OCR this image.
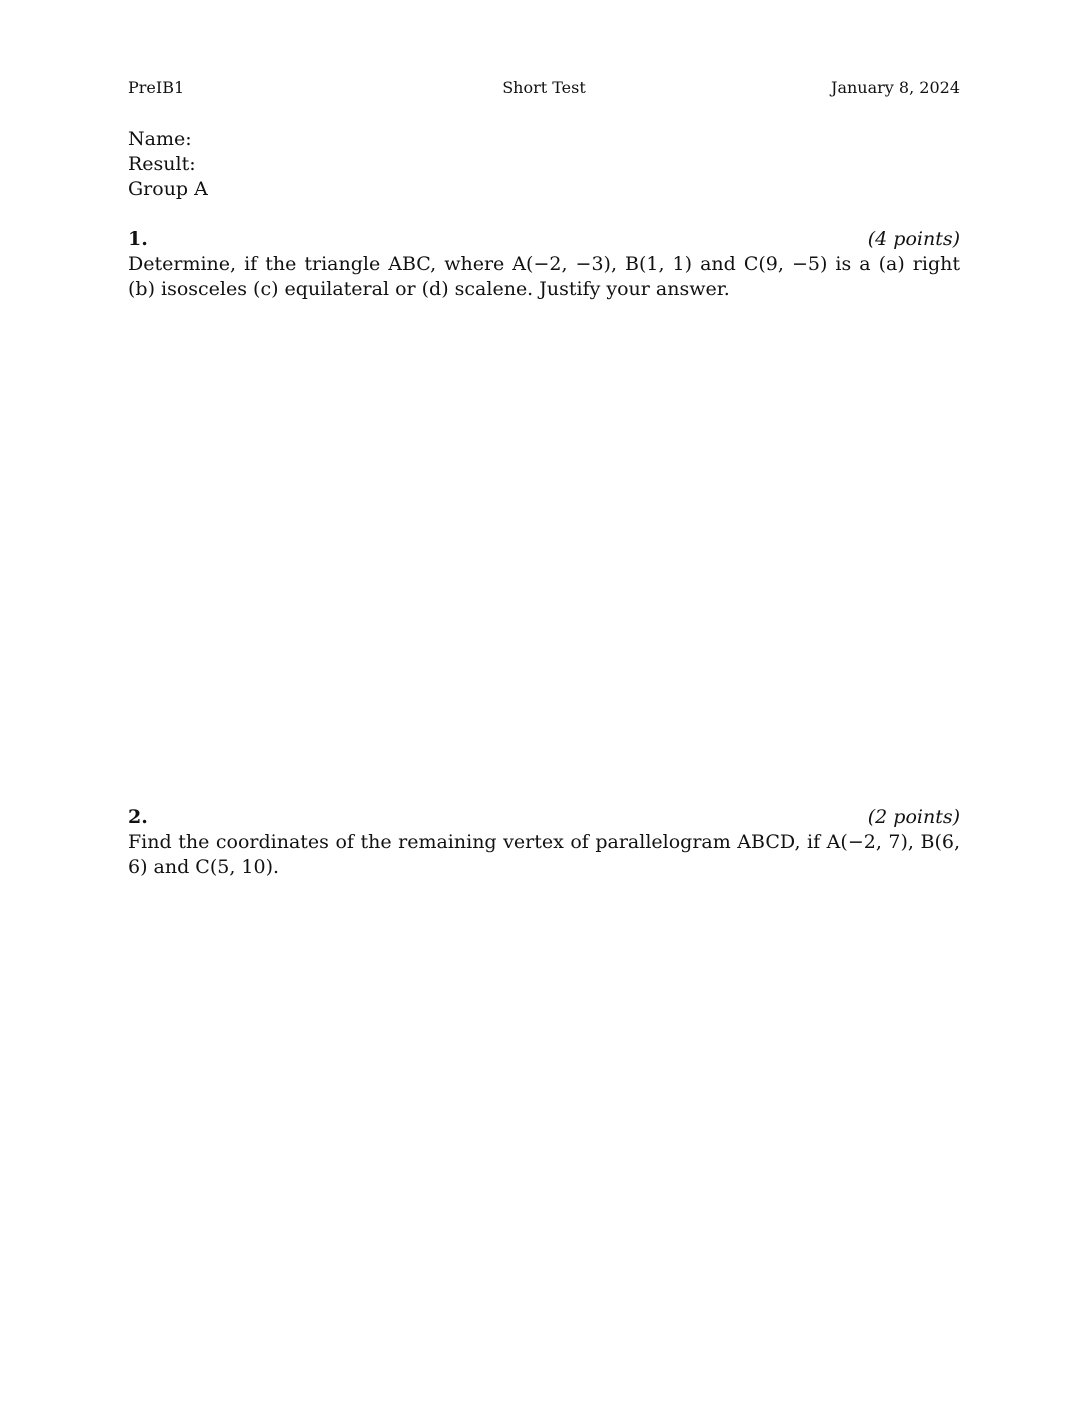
PreIB1	Short Test	January 8, 2024
Name:
Result:
Group A
1.	(4 points)
Determine, if the triangle ABC, where A(−2, −3), B(1, 1) and C(9, −5) is a (a) right (b) isosceles (c) equilateral or (d) scalene. Justify your answer.
2.	(2 points)
Find the coordinates of the remaining vertex of parallelogram ABCD, if A(−2, 7), B(6, 6) and C(5, 10).
